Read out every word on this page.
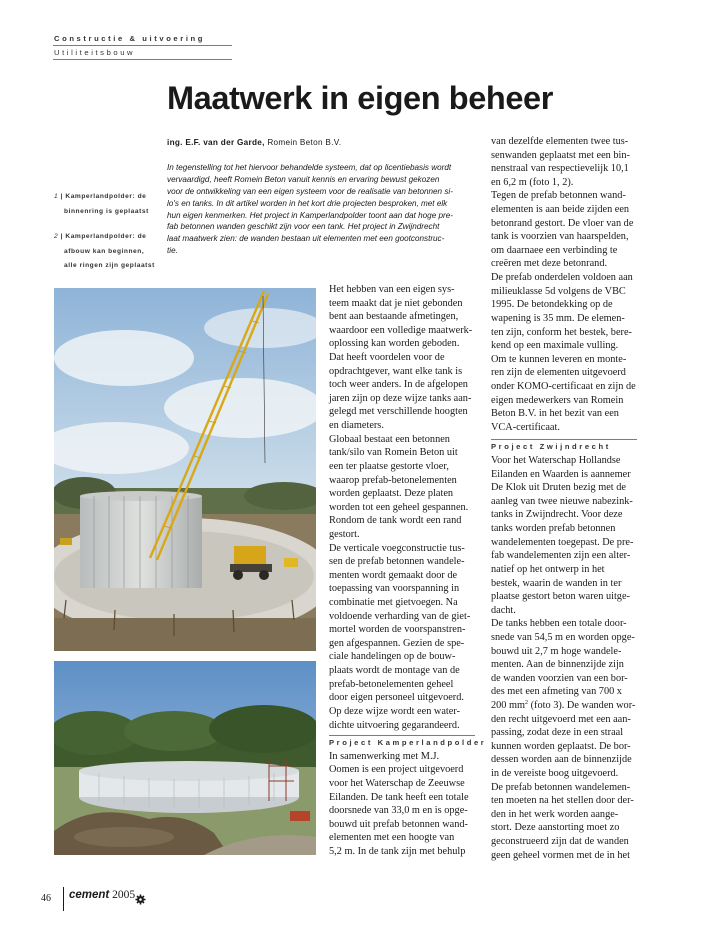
Constructie & uitvoering
Utiliteitsbouw
Maatwerk in eigen beheer
ing. E.F. van der Garde, Romein Beton B.V.
In tegenstelling tot het hiervoor behandelde systeem, dat op licentiebasis wordt
vervaardigd, heeft Romein Beton vanuit kennis en ervaring bewust gekozen
voor de ontwikkeling van een eigen systeem voor de realisatie van betonnen si-
lo's en tanks. In dit artikel worden in het kort drie projecten besproken, met elk
hun eigen kenmerken. Het project in Kamperlandpolder toont aan dat hoge pre-
fab betonnen wanden geschikt zijn voor een tank. Het project in Zwijndrecht
laat maatwerk zien: de wanden bestaan uit elementen met een gootconstruc-
tie.
1 | Kamperlandpolder: de
binnenring is geplaatst
2 | Kamperlandpolder: de
afbouw kan beginnen,
alle ringen zijn geplaatst
Het hebben van een eigen sys-
teem maakt dat je niet gebonden
bent aan bestaande afmetingen,
waardoor een volledige maatwerk-
oplossing kan worden geboden.
Dat heeft voordelen voor de
opdrachtgever, want elke tank is
toch weer anders. In de afgelopen
jaren zijn op deze wijze tanks aan-
gelegd met verschillende hoogten
en diameters.
Globaal bestaat een betonnen
tank/silo van Romein Beton uit
een ter plaatse gestorte vloer,
waarop prefab-betonelementen
worden geplaatst. Deze platen
worden tot een geheel gespannen.
Rondom de tank wordt een rand
gestort.
De verticale voegconstructie tus-
sen de prefab betonnen wandele-
menten wordt gemaakt door de
toepassing van voorspanning in
combinatie met gietvoegen. Na
voldoende verharding van de giet-
mortel worden de voorspanstren-
gen afgespannen. Gezien de spe-
ciale handelingen op de bouw-
plaats wordt de montage van de
prefab-betonelementen geheel
door eigen personeel uitgevoerd.
Op deze wijze wordt een water-
dichte uitvoering gegarandeerd.
Project Kamperlandpolder
In samenwerking met M.J.
Oomen is een project uitgevoerd
voor het Waterschap de Zeeuwse
Eilanden. De tank heeft een totale
doorsnede van 33,0 m en is opge-
bouwd uit prefab betonnen wand-
elementen met een hoogte van
5,2 m. In de tank zijn met behulp
van dezelfde elementen twee tus-
senwanden geplaatst met een bin-
nenstraal van respectievelijk 10,1
en 6,2 m (foto 1, 2).
Tegen de prefab betonnen wand-
elementen is aan beide zijden een
betonrand gestort. De vloer van de
tank is voorzien van haarspelden,
om daarnaee een verbinding te
creëren met deze betonrand.
De prefab onderdelen voldoen aan
milieuklasse 5d volgens de VBC
1995. De betondekking op de
wapening is 35 mm. De elemen-
ten zijn, conform het bestek, bere-
kend op een maximale vulling.
Om te kunnen leveren en monte-
ren zijn de elementen uitgevoerd
onder KOMO-certificaat en zijn de
eigen medewerkers van Romein
Beton B.V. in het bezit van een
VCA-certificaat.
Project Zwijndrecht
Voor het Waterschap Hollandse
Eilanden en Waarden is aannemer
De Klok uit Druten bezig met de
aanleg van twee nieuwe nabezink-
tanks in Zwijndrecht. Voor deze
tanks worden prefab betonnen
wandelementen toegepast. De pre-
fab wandelementen zijn een alter-
natief op het ontwerp in het
bestek, waarin de wanden in ter
plaatse gestort beton waren uitge-
dacht.
De tanks hebben een totale door-
snede van 54,5 m en worden opge-
bouwd uit 2,7 m hoge wandele-
menten. Aan de binnenzijde zijn
de wanden voorzien van een bor-
des met een afmeting van 700 x
200 $mm^2$ (foto 3). De wanden wor-
den recht uitgevoerd met een aan-
passing, zodat deze in een straal
kunnen worden geplaatst. De bor-
dessen worden aan de binnenzijde
in de vereiste boog uitgevoerd.
De prefab betonnen wandelemen-
ten moeten na het stellen door der-
den in het werk worden aange-
stort. Deze aanstorting moet zo
geconstrueerd zijn dat de wanden
geen geheel vormen met de in het
46 cement 2005
